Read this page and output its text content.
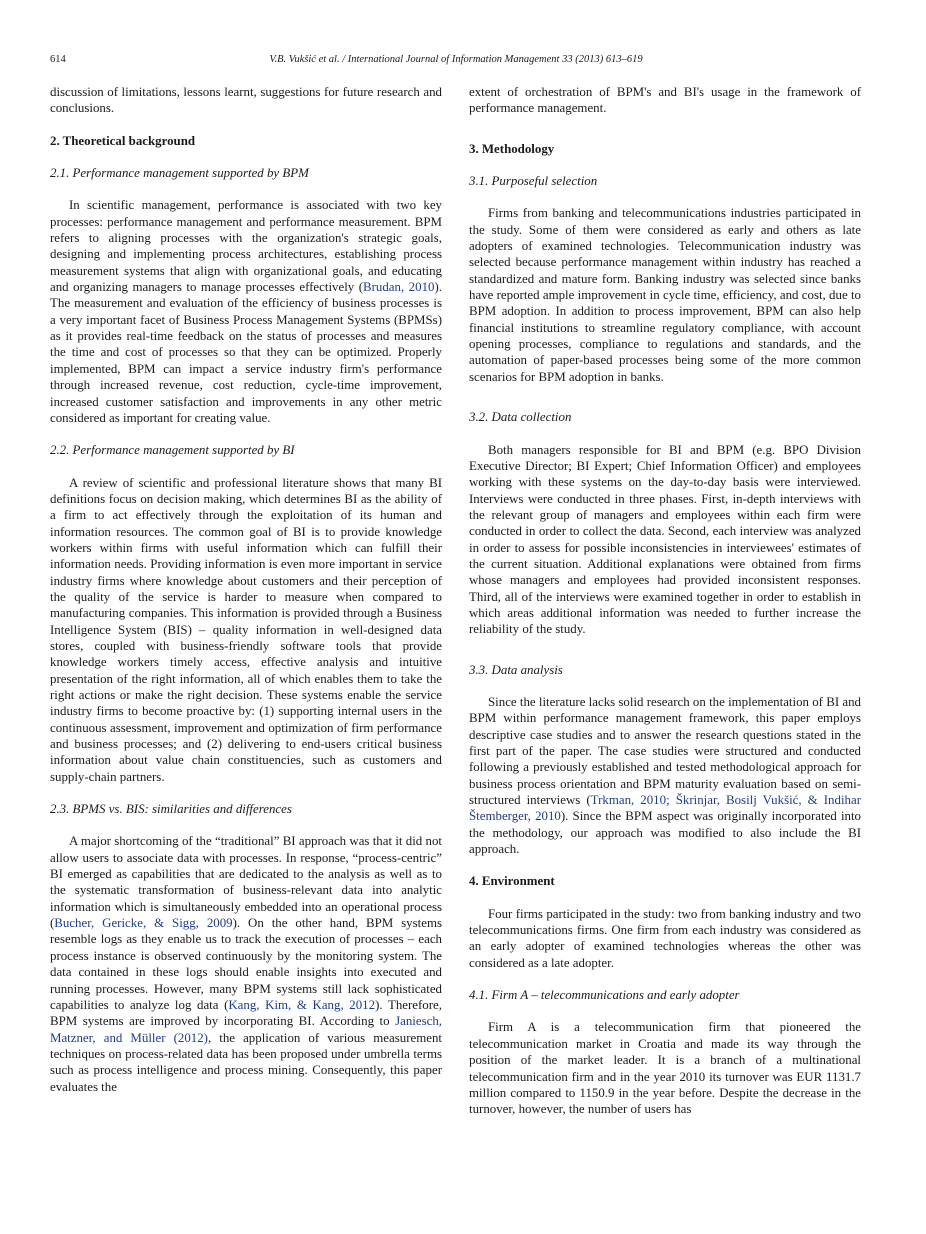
614	V.B. Vukšić et al. / International Journal of Information Management 33 (2013) 613–619

discussion of limitations, lessons learnt, suggestions for future research and conclusions.

2. Theoretical background
2.1. Performance management supported by BPM

In scientific management, performance is associated with two key processes: performance management and performance measurement. BPM refers to aligning processes with the organization's strategic goals, designing and implementing process architectures, establishing process measurement systems that align with organizational goals, and educating and organizing managers to manage processes effectively (Brudan, 2010). The measurement and evaluation of the efficiency of business processes is a very important facet of Business Process Management Systems (BPMSs) as it provides real-time feedback on the status of processes and measures the time and cost of processes so that they can be optimized. Properly implemented, BPM can impact a service industry firm's performance through increased revenue, cost reduction, cycle-time improvement, increased customer satisfaction and improvements in any other metric considered as important for creating value.

2.2. Performance management supported by BI

A review of scientific and professional literature shows that many BI definitions focus on decision making, which determines BI as the ability of a firm to act effectively through the exploitation of its human and information resources. The common goal of BI is to provide knowledge workers within firms with useful information which can fulfill their information needs. Providing information is even more important in service industry firms where knowledge about customers and their perception of the quality of the service is harder to measure when compared to manufacturing companies. This information is provided through a Business Intelligence System (BIS) – quality information in well-designed data stores, coupled with business-friendly software tools that provide knowledge workers timely access, effective analysis and intuitive presentation of the right information, all of which enables them to take the right actions or make the right decision. These systems enable the service industry firms to become proactive by: (1) supporting internal users in the continuous assessment, improvement and optimization of firm performance and business processes; and (2) delivering to end-users critical business information about value chain constituencies, such as customers and supply-chain partners.

2.3. BPMS vs. BIS: similarities and differences

A major shortcoming of the “traditional” BI approach was that it did not allow users to associate data with processes. In response, “process-centric” BI emerged as capabilities that are dedicated to the analysis as well as to the systematic transformation of business-relevant data into analytic information which is simultaneously embedded into an operational process (Bucher, Gericke, & Sigg, 2009). On the other hand, BPM systems resemble logs as they enable us to track the execution of processes – each process instance is observed continuously by the monitoring system. The data contained in these logs should enable insights into executed and running processes. However, many BPM systems still lack sophisticated capabilities to analyze log data (Kang, Kim, & Kang, 2012). Therefore, BPM systems are improved by incorporating BI. According to Janiesch, Matzner, and Müller (2012), the application of various measurement techniques on process-related data has been proposed under umbrella terms such as process intelligence and process mining. Consequently, this paper evaluates the

extent of orchestration of BPM's and BI's usage in the framework of performance management.

3. Methodology
3.1. Purposeful selection

Firms from banking and telecommunications industries participated in the study. Some of them were considered as early and others as late adopters of examined technologies. Telecommunication industry was selected because performance management within industry has reached a standardized and mature form. Banking industry was selected since banks have reported ample improvement in cycle time, efficiency, and cost, due to BPM adoption. In addition to process improvement, BPM can also help financial institutions to streamline regulatory compliance, with account opening processes, compliance to regulations and standards, and the automation of paper-based processes being some of the more common scenarios for BPM adoption in banks.

3.2. Data collection

Both managers responsible for BI and BPM (e.g. BPO Division Executive Director; BI Expert; Chief Information Officer) and employees working with these systems on the day-to-day basis were interviewed. Interviews were conducted in three phases. First, in-depth interviews with the relevant group of managers and employees within each firm were conducted in order to collect the data. Second, each interview was analyzed in order to assess for possible inconsistencies in interviewees' estimates of the current situation. Additional explanations were obtained from firms whose managers and employees had provided inconsistent responses. Third, all of the interviews were examined together in order to establish in which areas additional information was needed to further increase the reliability of the study.

3.3. Data analysis

Since the literature lacks solid research on the implementation of BI and BPM within performance management framework, this paper employs descriptive case studies and to answer the research questions stated in the first part of the paper. The case studies were structured and conducted following a previously established and tested methodological approach for business process orientation and BPM maturity evaluation based on semi-structured interviews (Trkman, 2010; Škrinjar, Bosilj Vukšić, & Indihar Štemberger, 2010). Since the BPM aspect was originally incorporated into the methodology, our approach was modified to also include the BI approach.

4. Environment

Four firms participated in the study: two from banking industry and two telecommunications firms. One firm from each industry was considered as an early adopter of examined technologies whereas the other was considered as a late adopter.

4.1. Firm A – telecommunications and early adopter

Firm A is a telecommunication firm that pioneered the telecommunication market in Croatia and made its way through the position of the market leader. It is a branch of a multinational telecommunication firm and in the year 2010 its turnover was EUR 1131.7 million compared to 1150.9 in the year before. Despite the decrease in the turnover, however, the number of users has
